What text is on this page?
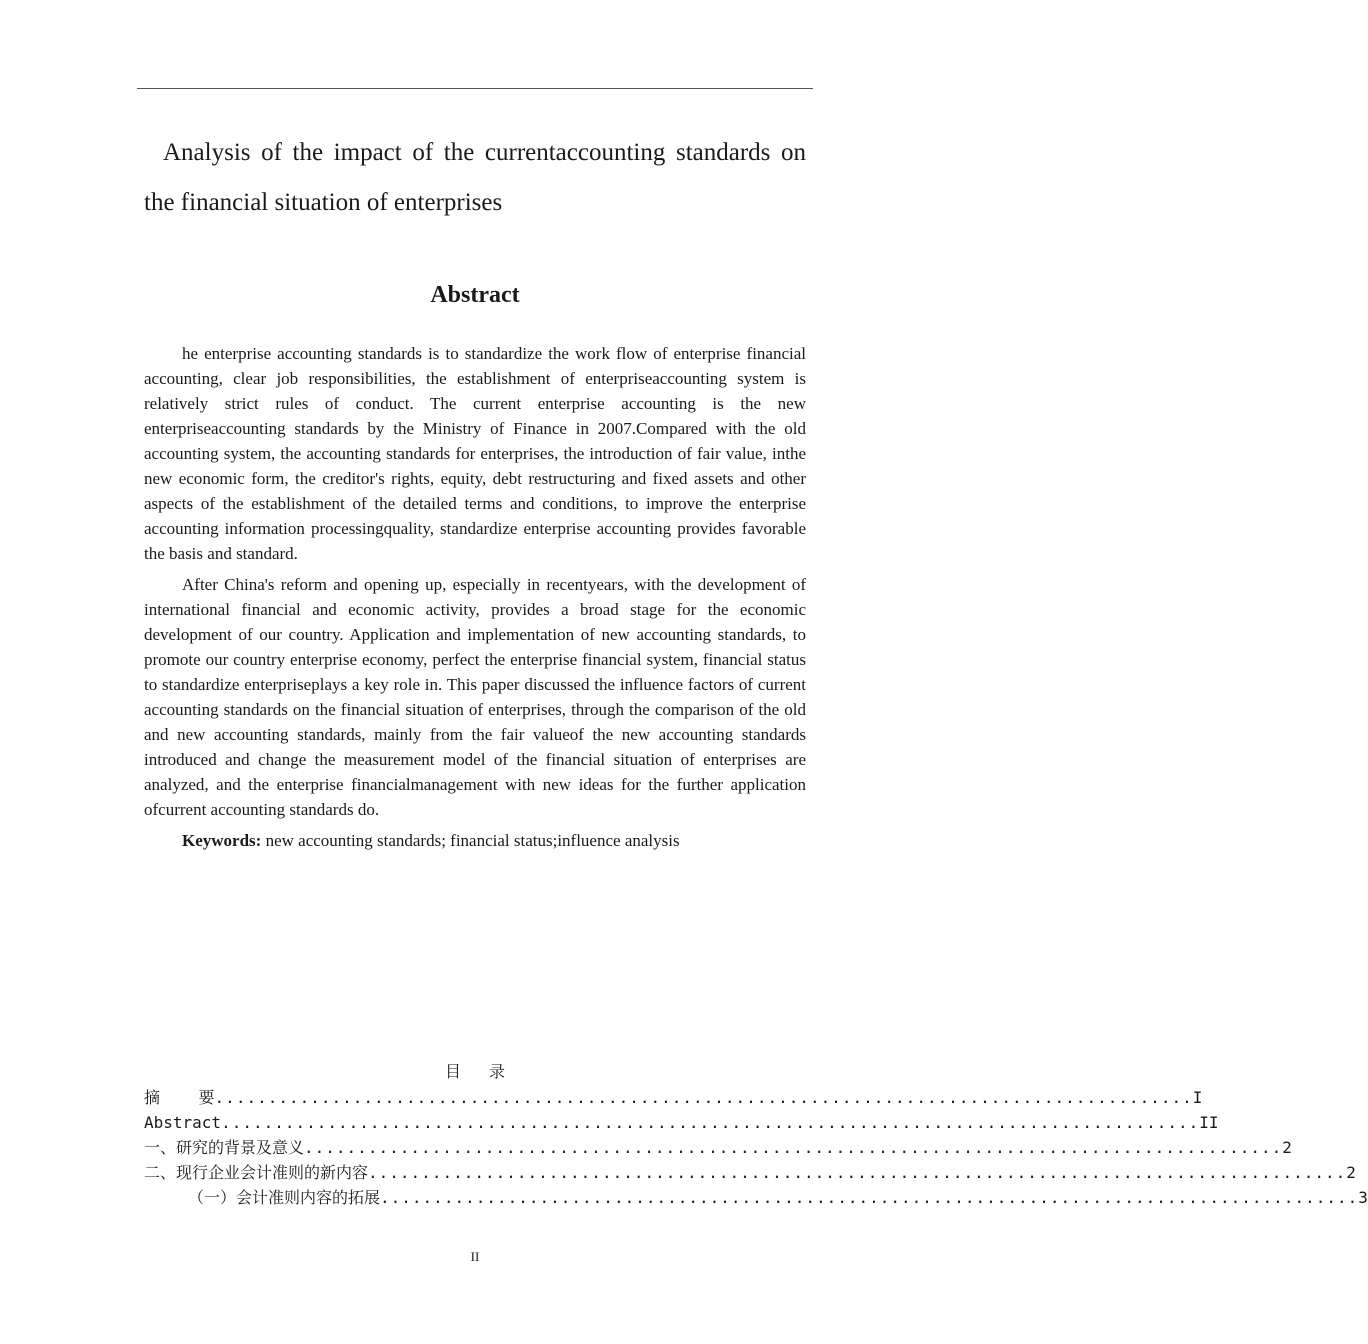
Analysis of the impact of the currentaccounting standards on the financial situation of enterprises
Abstract

he enterprise accounting standards is to standardize the work flow of enterprise financial accounting, clear job responsibilities, the establishment of enterpriseaccounting system is relatively strict rules of conduct. The current enterprise accounting is the new enterpriseaccounting standards by the Ministry of Finance in 2007.Compared with the old accounting system, the accounting standards for enterprises, the introduction of fair value, inthe new economic form, the creditor's rights, equity, debt restructuring and fixed assets and other aspects of the establishment of the detailed terms and conditions, to improve the enterprise accounting information processingquality, standardize enterprise accounting provides favorable the basis and standard.

After China's reform and opening up, especially in recentyears, with the development of international financial and economic activity, provides a broad stage for the economic development of our country. Application and implementation of new accounting standards, to promote our country enterprise economy, perfect the enterprise financial system, financial status to standardize enterpriseplays a key role in. This paper discussed the influence factors of current accounting standards on the financial situation of enterprises, through the comparison of the old and new accounting standards, mainly from the fair valueof the new accounting standards introduced and change the measurement model of the financial situation of enterprises are analyzed, and the enterprise financialmanagement with new ideas for the further application ofcurrent accounting standards do.

Keywords: new accounting standards; financial status;influence analysis

目录
摘    要 ............................................................................................ I
Abstract ............................................................................................ II
一、研究的背景及意义 ............................................................................................ 2
二、现行企业会计准则的新内容 ............................................................................................ 2
（一）会计准则内容的拓展 ............................................................................................ 3
II
